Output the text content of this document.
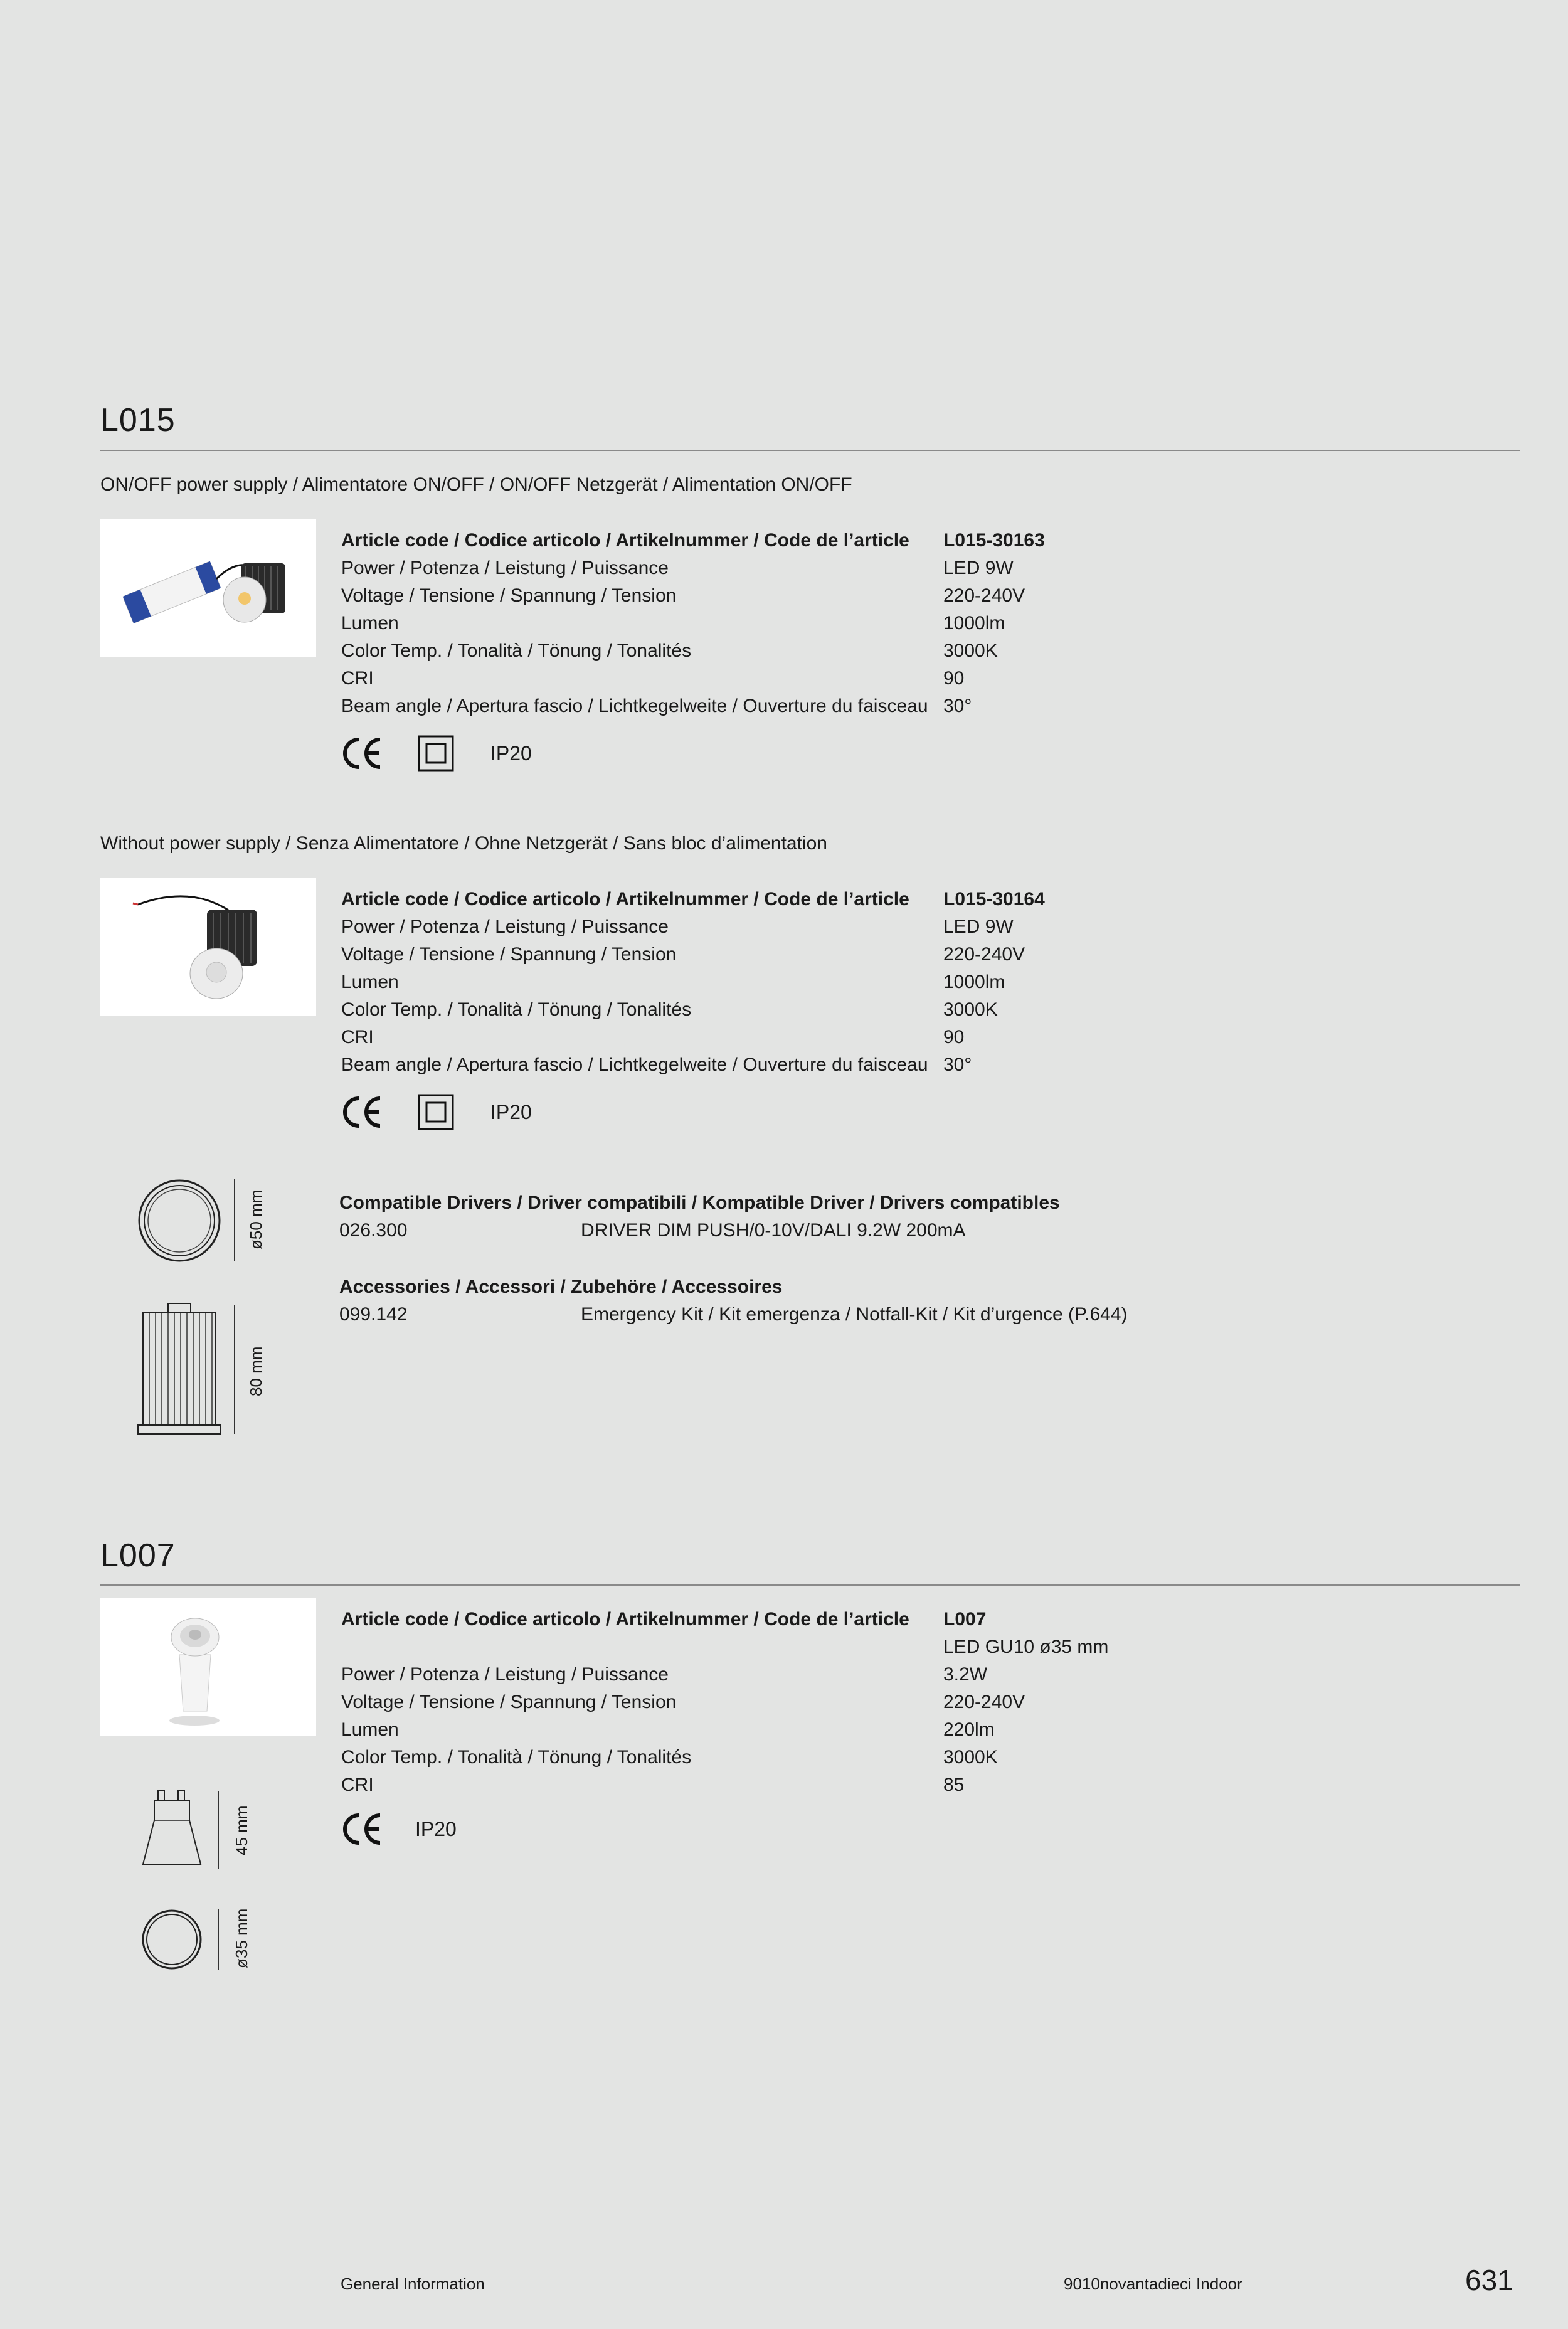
L015
ON/OFF power supply / Alimentatore ON/OFF / ON/OFF Netzgerät / Alimentation ON/OFF
Article code / Codice articolo / Artikelnummer / Code de l’article	L015-30163
Power / Potenza / Leistung / Puissance	LED 9W
Voltage / Tensione / Spannung / Tension	220-240V
Lumen	1000lm
Color Temp. / Tonalità / Tönung / Tonalités	3000K
CRI	90
Beam angle / Apertura fascio / Lichtkegelweite / Ouverture du faisceau 30°
IP20
Without power supply / Senza Alimentatore / Ohne Netzgerät / Sans bloc d’alimentation
Article code / Codice articolo / Artikelnummer / Code de l’article	L015-30164
Power / Potenza / Leistung / Puissance	LED 9W
Voltage / Tensione / Spannung / Tension	220-240V
Lumen	1000lm
Color Temp. / Tonalità / Tönung / Tonalités	3000K
CRI	90
Beam angle / Apertura fascio / Lichtkegelweite / Ouverture du faisceau 30°
IP20
ø50 mm
80 mm
Compatible Drivers / Driver compatibili / Kompatible Driver / Drivers compatibles
026.300	DRIVER DIM PUSH/0-10V/DALI 9.2W 200mA
Accessories / Accessori / Zubehöre / Accessoires
099.142	Emergency Kit / Kit emergenza / Notfall-Kit / Kit d’urgence (P.644)
L007
Article code / Codice articolo / Artikelnummer / Code de l’article	L007
LED GU10 ø35 mm
Power / Potenza / Leistung / Puissance	3.2W
Voltage / Tensione / Spannung / Tension	220-240V
Lumen	220lm
Color Temp. / Tonalità / Tönung / Tonalités	3000K
CRI	85
IP20
45 mm
ø35 mm
General Information	9010novantadieci Indoor	631
